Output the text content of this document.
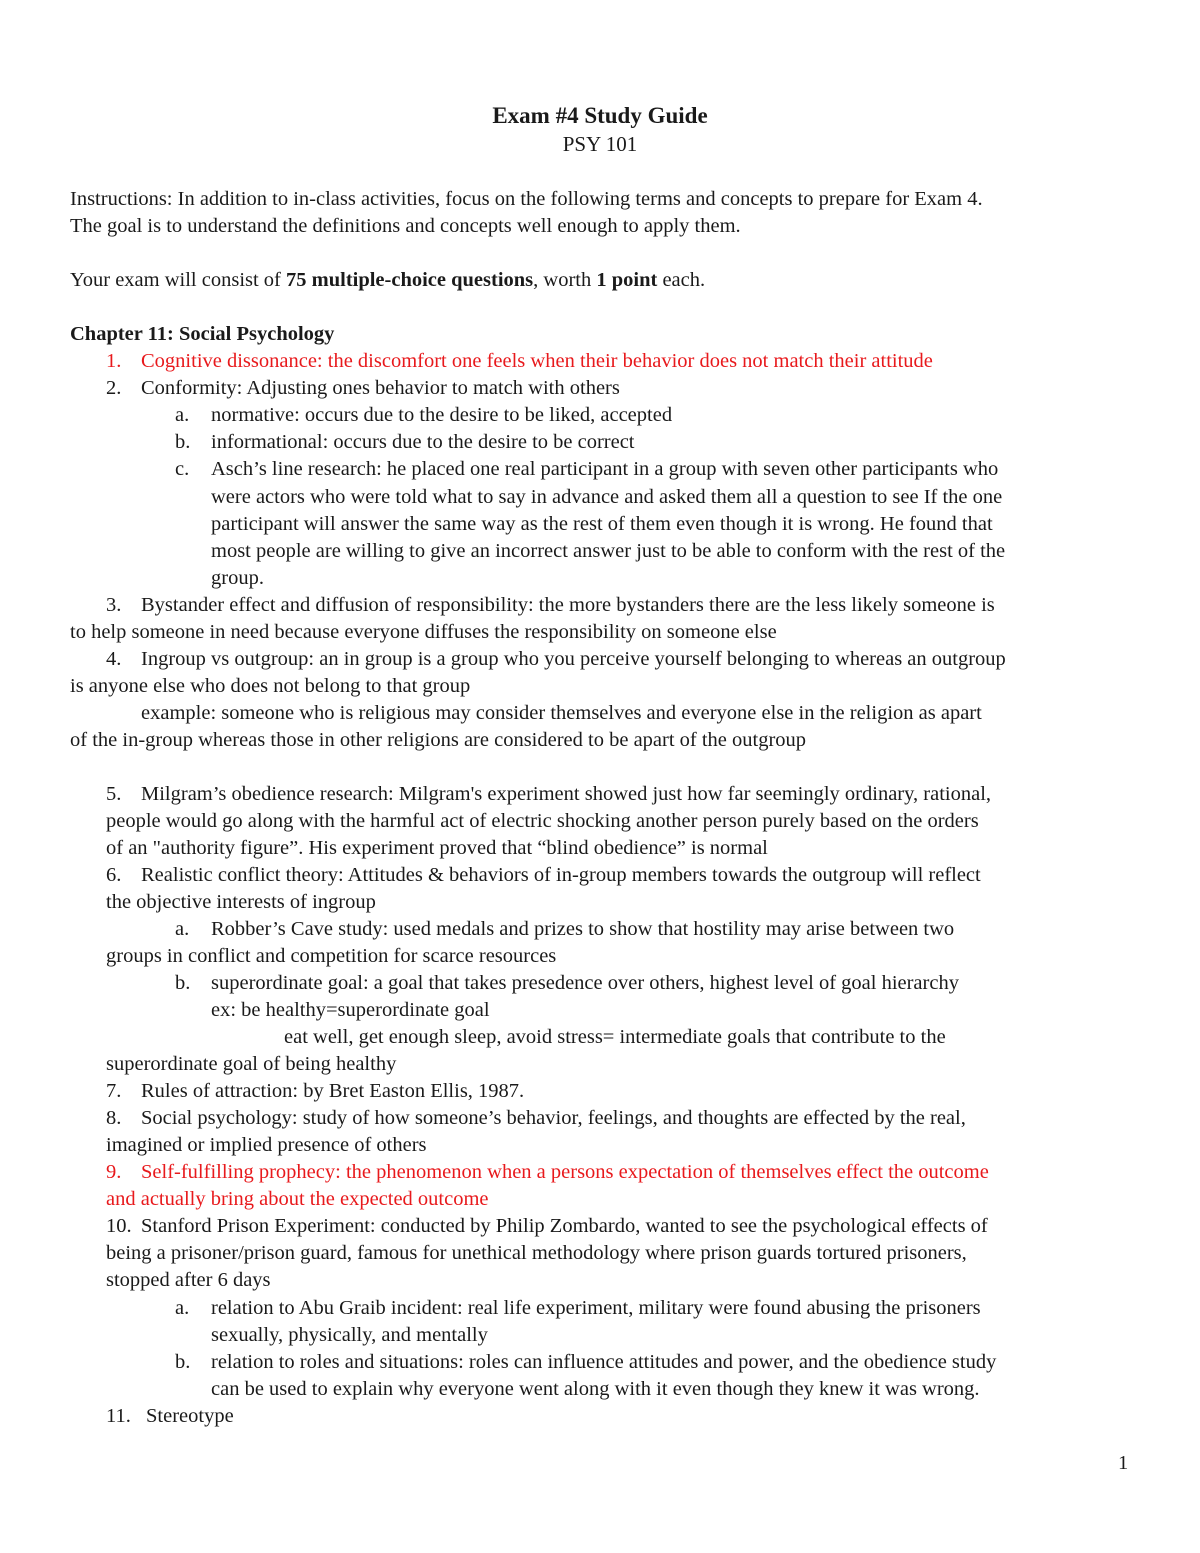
Exam #4 Study Guide
PSY 101
Instructions: In addition to in-class activities, focus on the following terms and concepts to prepare for Exam 4.
The goal is to understand the definitions and concepts well enough to apply them.
Your exam will consist of 75 multiple-choice questions, worth 1 point each.
Chapter 11: Social Psychology
1. Cognitive dissonance: the discomfort one feels when their behavior does not match their attitude
2. Conformity: Adjusting ones behavior to match with others
a. normative: occurs due to the desire to be liked, accepted
b. informational: occurs due to the desire to be correct
c. Asch’s line research: he placed one real participant in a group with seven other participants who
were actors who were told what to say in advance and asked them all a question to see If the one
participant will answer the same way as the rest of them even though it is wrong. He found that
most people are willing to give an incorrect answer just to be able to conform with the rest of the
group.
3. Bystander effect and diffusion of responsibility: the more bystanders there are the less likely someone is
to help someone in need because everyone diffuses the responsibility on someone else
4. Ingroup vs outgroup: an in group is a group who you perceive yourself belonging to whereas an outgroup
is anyone else who does not belong to that group
example: someone who is religious may consider themselves and everyone else in the religion as apart
of the in-group whereas those in other religions are considered to be apart of the outgroup
5. Milgram’s obedience research: Milgram's experiment showed just how far seemingly ordinary, rational,
people would go along with the harmful act of electric shocking another person purely based on the orders
of an "authority figure”. His experiment proved that “blind obedience” is normal
6. Realistic conflict theory: Attitudes & behaviors of in-group members towards the outgroup will reflect
the objective interests of ingroup
a. Robber’s Cave study: used medals and prizes to show that hostility may arise between two
groups in conflict and competition for scarce resources
b. superordinate goal: a goal that takes presedence over others, highest level of goal hierarchy
ex: be healthy=superordinate goal
eat well, get enough sleep, avoid stress= intermediate goals that contribute to the
superordinate goal of being healthy
7. Rules of attraction: by Bret Easton Ellis, 1987.
8. Social psychology: study of how someone’s behavior, feelings, and thoughts are effected by the real,
imagined or implied presence of others
9. Self-fulfilling prophecy: the phenomenon when a persons expectation of themselves effect the outcome
and actually bring about the expected outcome
10. Stanford Prison Experiment: conducted by Philip Zombardo, wanted to see the psychological effects of
being a prisoner/prison guard, famous for unethical methodology where prison guards tortured prisoners,
stopped after 6 days
a. relation to Abu Graib incident: real life experiment, military were found abusing the prisoners
sexually, physically, and mentally
b. relation to roles and situations: roles can influence attitudes and power, and the obedience study
can be used to explain why everyone went along with it even though they knew it was wrong.
11. Stereotype
1
